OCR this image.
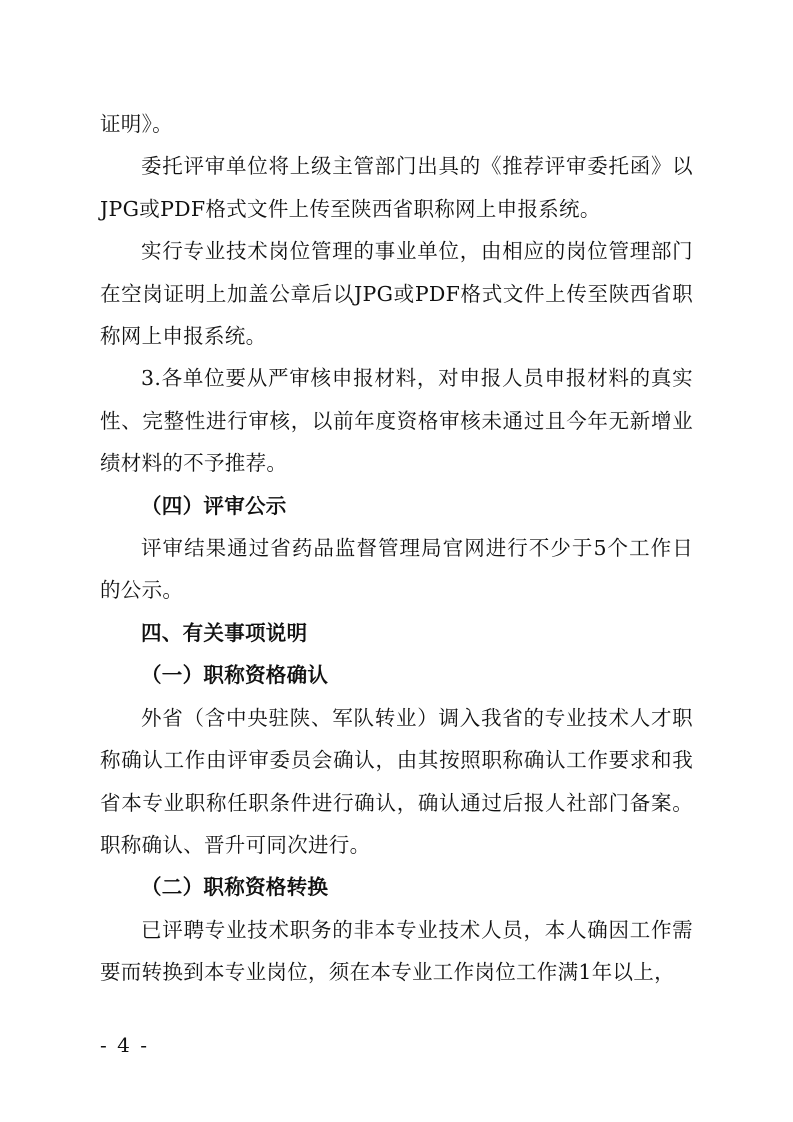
证明》。

委托评审单位将上级主管部门出具的《推荐评审委托函》以JPG或PDF格式文件上传至陕西省职称网上申报系统。

实行专业技术岗位管理的事业单位，由相应的岗位管理部门在空岗证明上加盖公章后以JPG或PDF格式文件上传至陕西省职称网上申报系统。

3.各单位要从严审核申报材料，对申报人员申报材料的真实性、完整性进行审核，以前年度资格审核未通过且今年无新增业绩材料的不予推荐。

（四）评审公示

评审结果通过省药品监督管理局官网进行不少于5个工作日的公示。

四、有关事项说明

（一）职称资格确认

外省（含中央驻陕、军队转业）调入我省的专业技术人才职称确认工作由评审委员会确认，由其按照职称确认工作要求和我省本专业职称任职条件进行确认，确认通过后报人社部门备案。职称确认、晋升可同次进行。

（二）职称资格转换

已评聘专业技术职务的非本专业技术人员，本人确因工作需要而转换到本专业岗位，须在本专业工作岗位工作满1年以上，

- 4 -
